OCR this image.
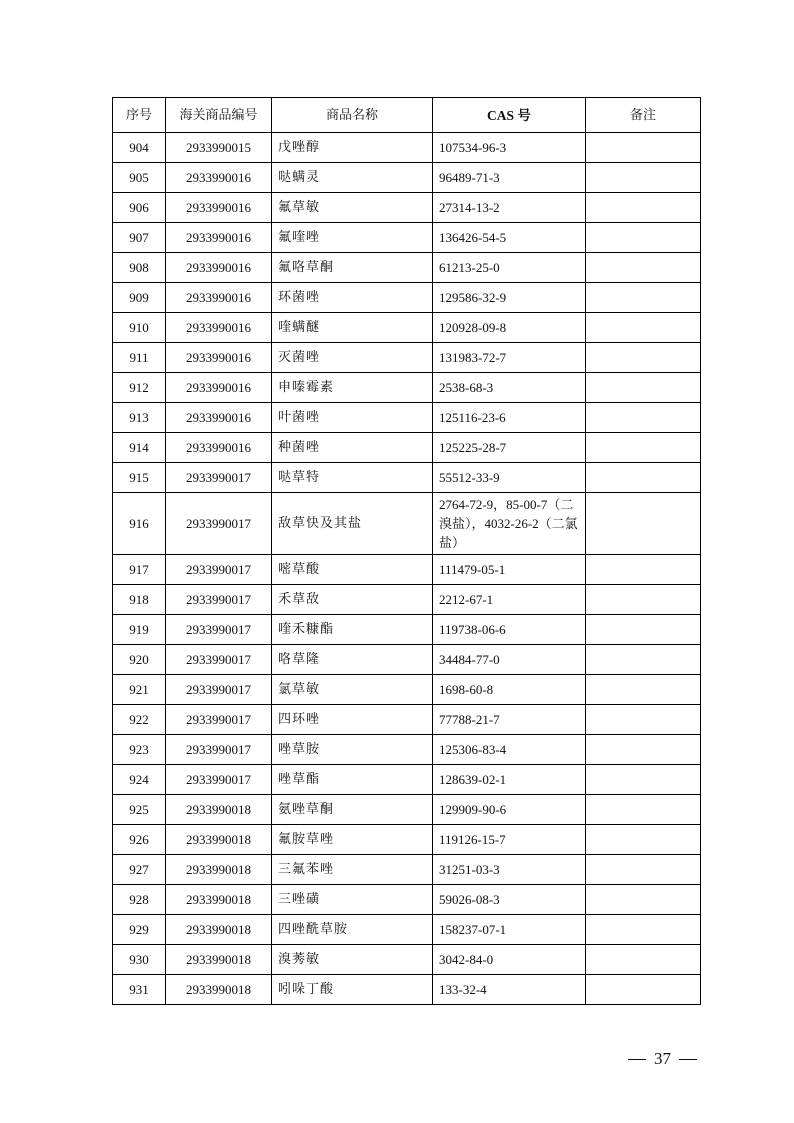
序号	海关商品编号	商品名称	CAS 号	备注
904	2933990015	戊唑醇	107534-96-3	
905	2933990016	哒螨灵	96489-71-3	
906	2933990016	氟草敏	27314-13-2	
907	2933990016	氟喹唑	136426-54-5	
908	2933990016	氟咯草酮	61213-25-0	
909	2933990016	环菌唑	129586-32-9	
910	2933990016	喹螨醚	120928-09-8	
911	2933990016	灭菌唑	131983-72-7	
912	2933990016	申嗪霉素	2538-68-3	
913	2933990016	叶菌唑	125116-23-6	
914	2933990016	种菌唑	125225-28-7	
915	2933990017	哒草特	55512-33-9	
916	2933990017	敌草快及其盐	2764-72-9，85-00-7（二溴盐），4032-26-2（二氯盐）	
917	2933990017	嘧草酸	111479-05-1	
918	2933990017	禾草敌	2212-67-1	
919	2933990017	喹禾糠酯	119738-06-6	
920	2933990017	咯草隆	34484-77-0	
921	2933990017	氯草敏	1698-60-8	
922	2933990017	四环唑	77788-21-7	
923	2933990017	唑草胺	125306-83-4	
924	2933990017	唑草酯	128639-02-1	
925	2933990018	氨唑草酮	129909-90-6	
926	2933990018	氟胺草唑	119126-15-7	
927	2933990018	三氟苯唑	31251-03-3	
928	2933990018	三唑磺	59026-08-3	
929	2933990018	四唑酰草胺	158237-07-1	
930	2933990018	溴莠敏	3042-84-0	
931	2933990018	吲哚丁酸	133-32-4	
37
